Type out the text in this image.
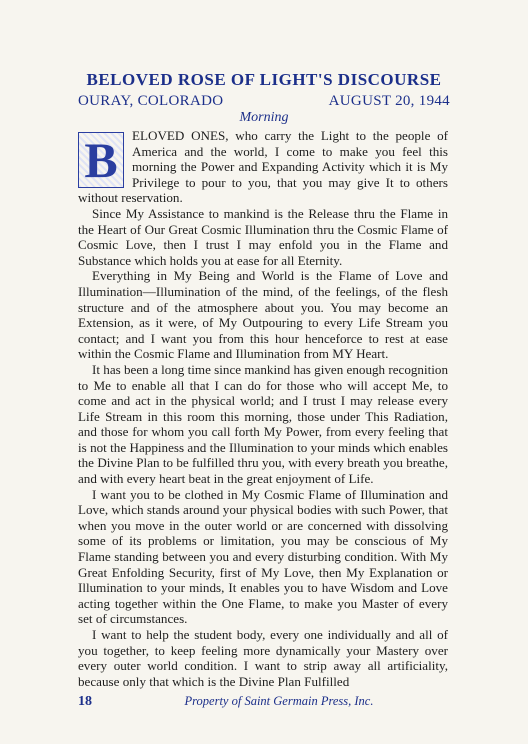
BELOVED ROSE OF LIGHT'S DISCOURSE
OURAY, COLORADO	AUGUST 20, 1944
Morning

B ELOVED ONES, who carry the Light to the people of America and the world, I come to make you feel this morning the Power and Expanding Activity which it is My Privilege to pour to you, that you may give It to others without reservation.

Since My Assistance to mankind is the Release thru the Flame in the Heart of Our Great Cosmic Illumination thru the Cosmic Flame of Cosmic Love, then I trust I may enfold you in the Flame and Substance which holds you at ease for all Eternity.

Everything in My Being and World is the Flame of Love and Illumination—Illumination of the mind, of the feelings, of the flesh structure and of the atmosphere about you. You may become an Extension, as it were, of My Outpouring to every Life Stream you contact; and I want you from this hour henceforce to rest at ease within the Cosmic Flame and Illumination from MY Heart.

It has been a long time since mankind has given enough recognition to Me to enable all that I can do for those who will accept Me, to come and act in the physical world; and I trust I may release every Life Stream in this room this morning, those under This Radiation, and those for whom you call forth My Power, from every feeling that is not the Happiness and the Illumination to your minds which enables the Divine Plan to be fulfilled thru you, with every breath you breathe, and with every heart beat in the great enjoyment of Life.

I want you to be clothed in My Cosmic Flame of Illumination and Love, which stands around your physical bodies with such Power, that when you move in the outer world or are concerned with dissolving some of its problems or limitation, you may be conscious of My Flame standing between you and every disturbing condition. With My Great Enfolding Security, first of My Love, then My Explanation or Illumination to your minds, It enables you to have Wisdom and Love acting together within the One Flame, to make you Master of every set of circumstances.

I want to help the student body, every one individually and all of you together, to keep feeling more dynamically your Mastery over every outer world condition. I want to strip away all artificiality, because only that which is the Divine Plan Fulfilled

18	Property of Saint Germain Press, Inc.
